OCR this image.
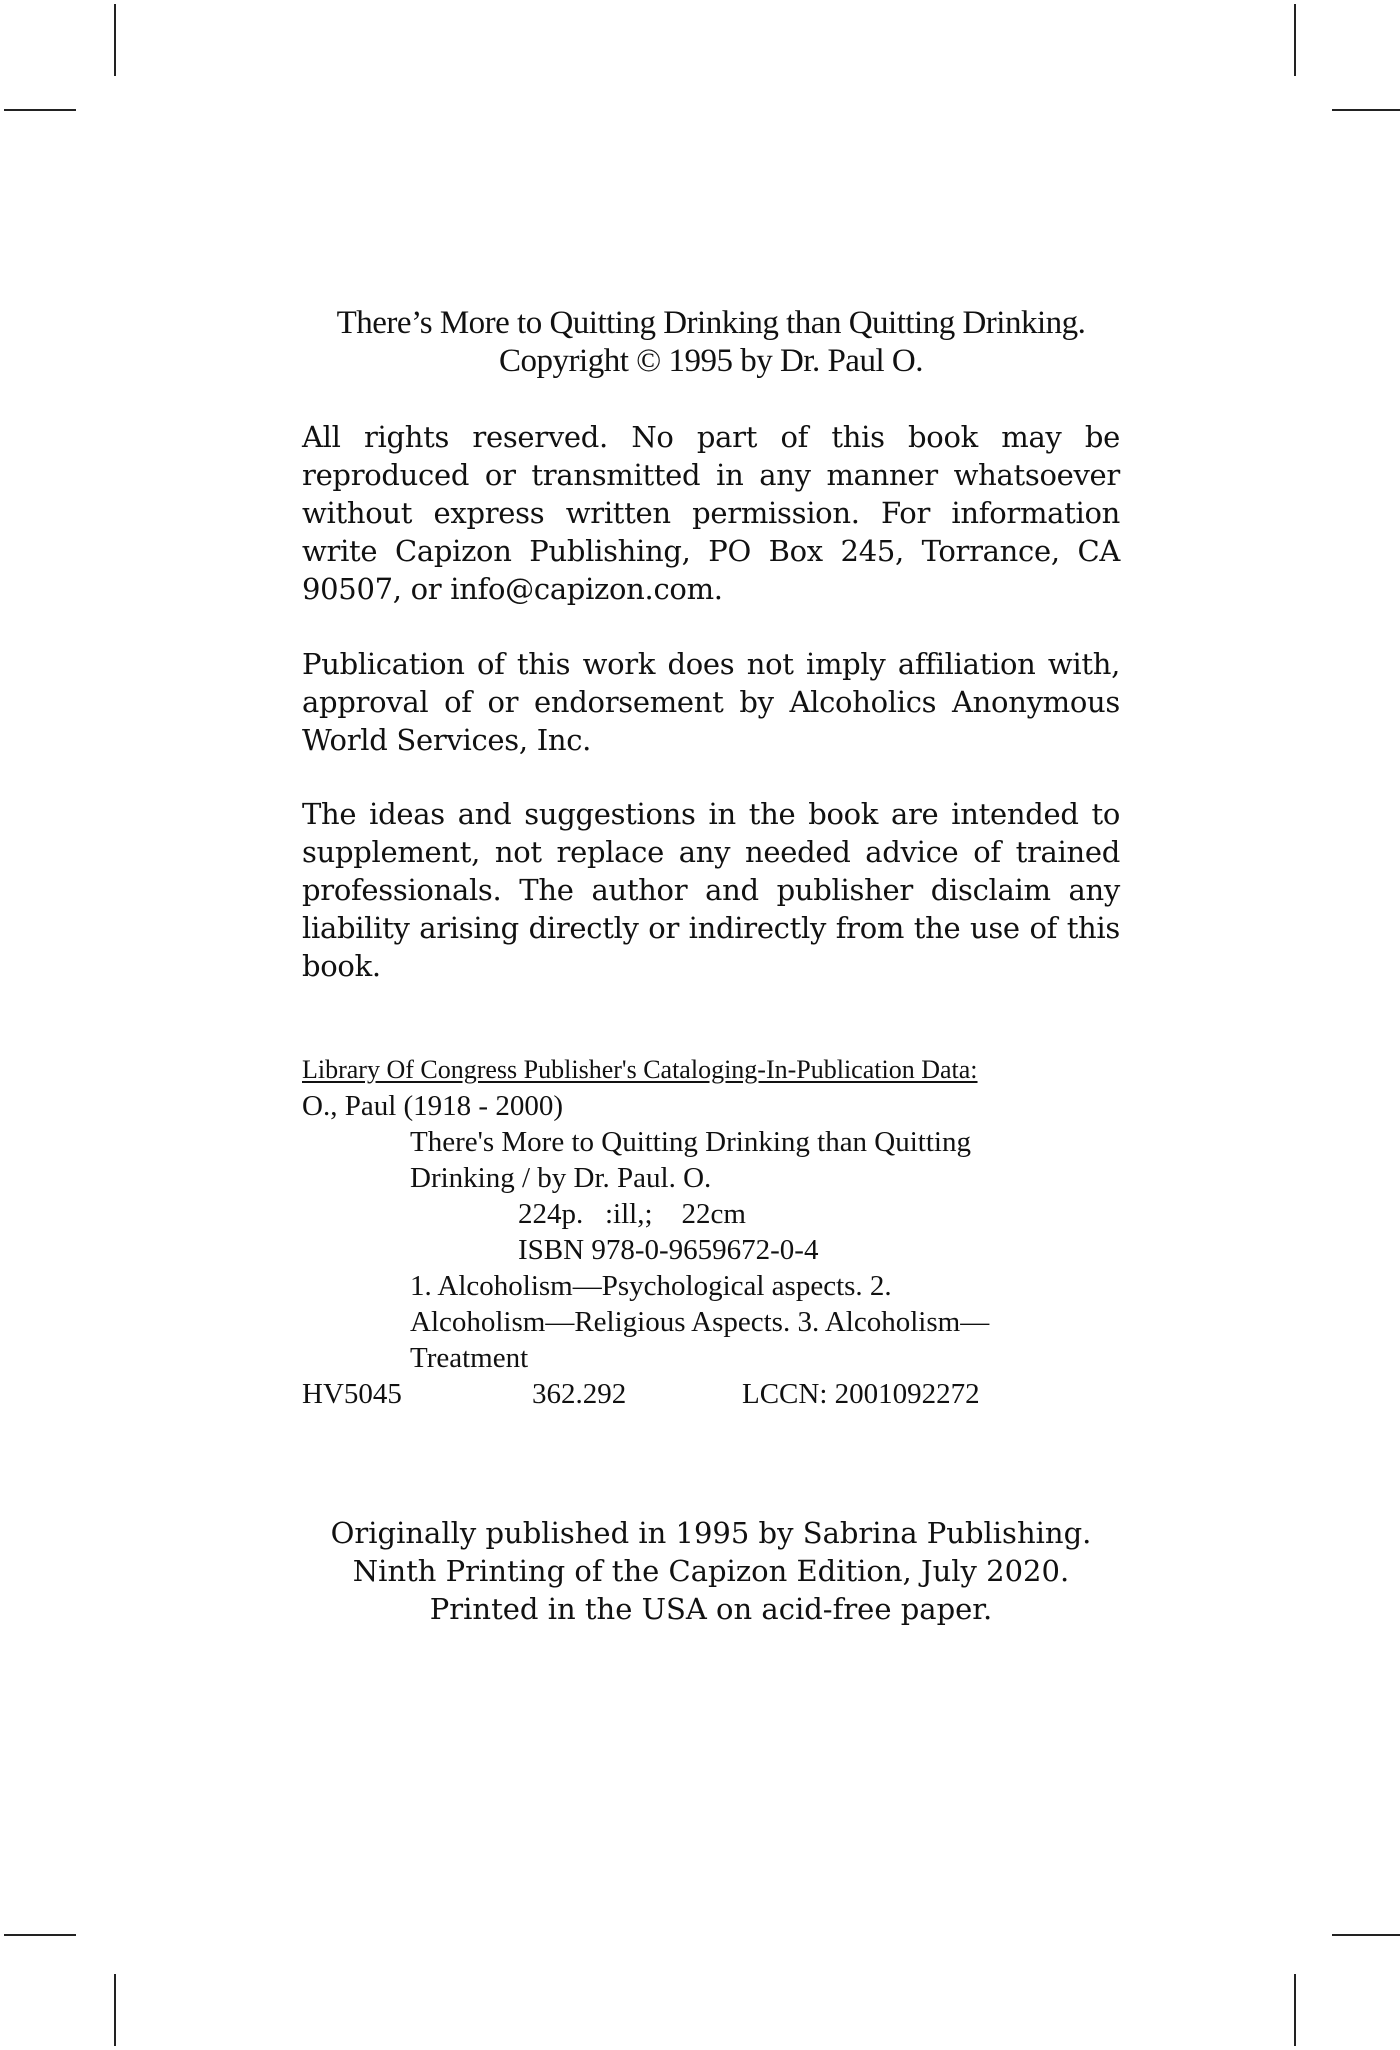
There’s More to Quitting Drinking than Quitting Drinking.
Copyright © 1995 by Dr. Paul O.

All rights reserved. No part of this book may be reproduced or transmitted in any manner whatsoever without express written permission. For information write Capizon Publishing, PO Box 245, Torrance, CA 90507, or info@capizon.com.

Publication of this work does not imply affiliation with, approval of or endorsement by Alcoholics Anonymous World Services, Inc.

The ideas and suggestions in the book are intended to supplement, not replace any needed advice of trained professionals. The author and publisher disclaim any liability arising directly or indirectly from the use of this book.

Library Of Congress Publisher's Cataloging-In-Publication Data:
O., Paul (1918 - 2000)
There's More to Quitting Drinking than Quitting
Drinking / by Dr. Paul. O.
224p.   :ill,;    22cm
ISBN 978-0-9659672-0-4
1. Alcoholism—Psychological aspects. 2.
Alcoholism—Religious Aspects. 3. Alcoholism—
Treatment
HV5045	362.292	LCCN: 2001092272
Originally published in 1995 by Sabrina Publishing.
Ninth Printing of the Capizon Edition, July 2020.
Printed in the USA on acid-free paper.
